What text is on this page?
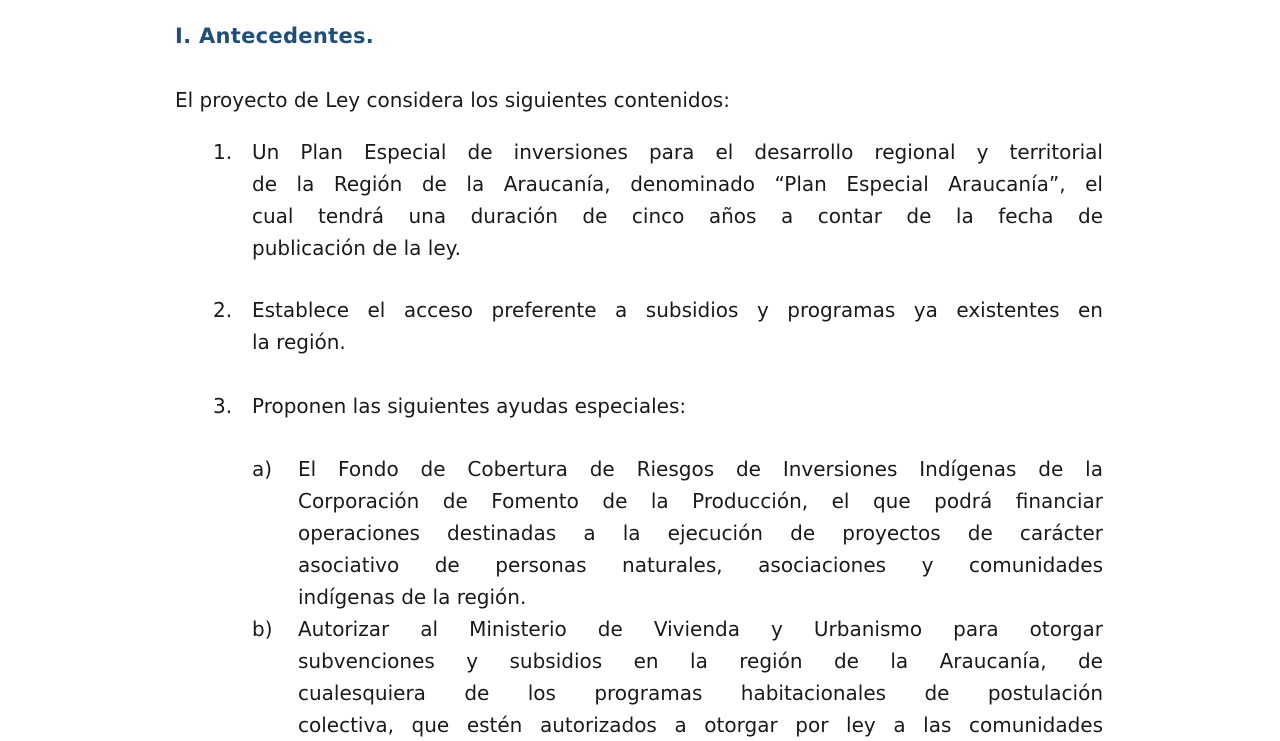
I. Antecedentes.
El proyecto de Ley considera los siguientes contenidos:
1. Un Plan Especial de inversiones para el desarrollo regional y territorial
de la Región de la Araucanía, denominado “Plan Especial Araucanía”, el
cual tendrá una duración de cinco años a contar de la fecha de
publicación de la ley.
2. Establece el acceso preferente a subsidios y programas ya existentes en
la región.
3. Proponen las siguientes ayudas especiales:
a) El Fondo de Cobertura de Riesgos de Inversiones Indígenas de la
Corporación de Fomento de la Producción, el que podrá financiar
operaciones destinadas a la ejecución de proyectos de carácter
asociativo de personas naturales, asociaciones y comunidades
indígenas de la región.
b) Autorizar al Ministerio de Vivienda y Urbanismo para otorgar
subvenciones y subsidios en la región de la Araucanía, de
cualesquiera de los programas habitacionales de postulación
colectiva, que estén autorizados a otorgar por ley a las comunidades
